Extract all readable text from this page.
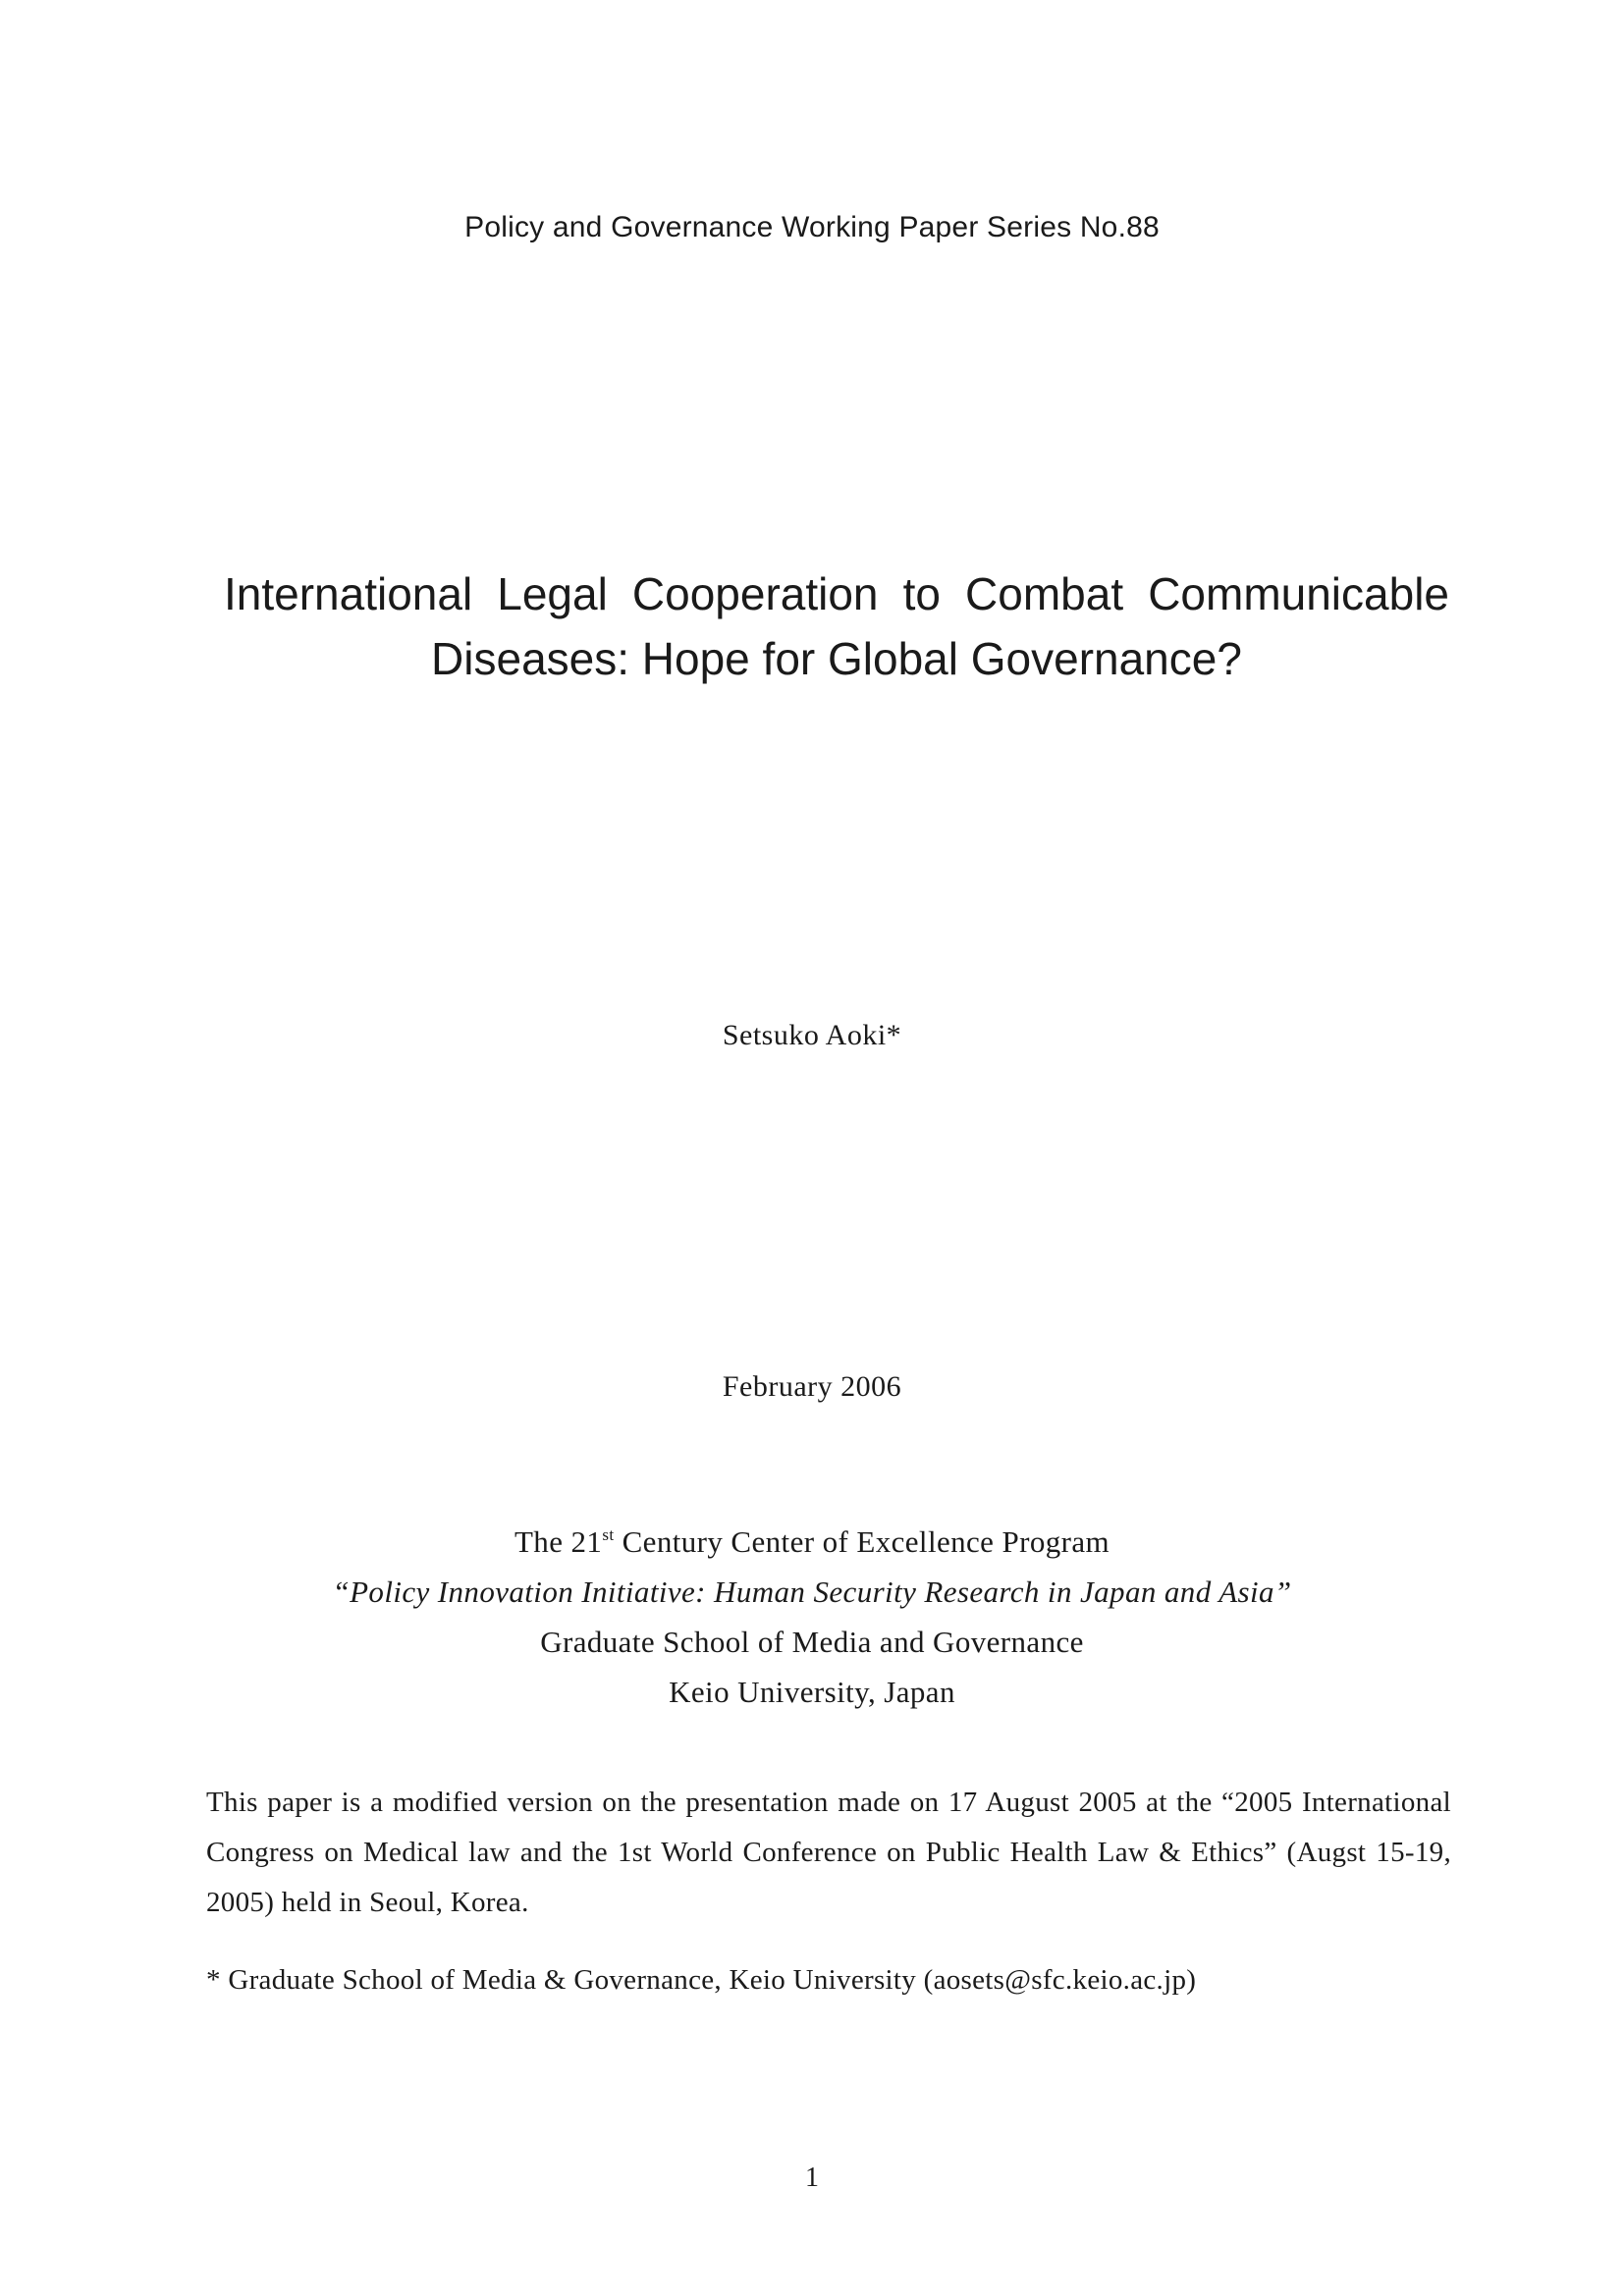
Policy and Governance Working Paper Series No.88
International Legal Cooperation to Combat Communicable
Diseases: Hope for Global Governance?
Setsuko Aoki*
February 2006
The 21st Century Center of Excellence Program
“Policy Innovation Initiative: Human Security Research in Japan and Asia”
Graduate School of Media and Governance
Keio University, Japan
This paper is a modified version on the presentation made on 17 August 2005 at the “2005 International Congress on Medical law and the 1st World Conference on Public Health Law & Ethics” (Augst 15-19, 2005) held in Seoul, Korea.
* Graduate School of Media & Governance, Keio University (aosets@sfc.keio.ac.jp)
1
